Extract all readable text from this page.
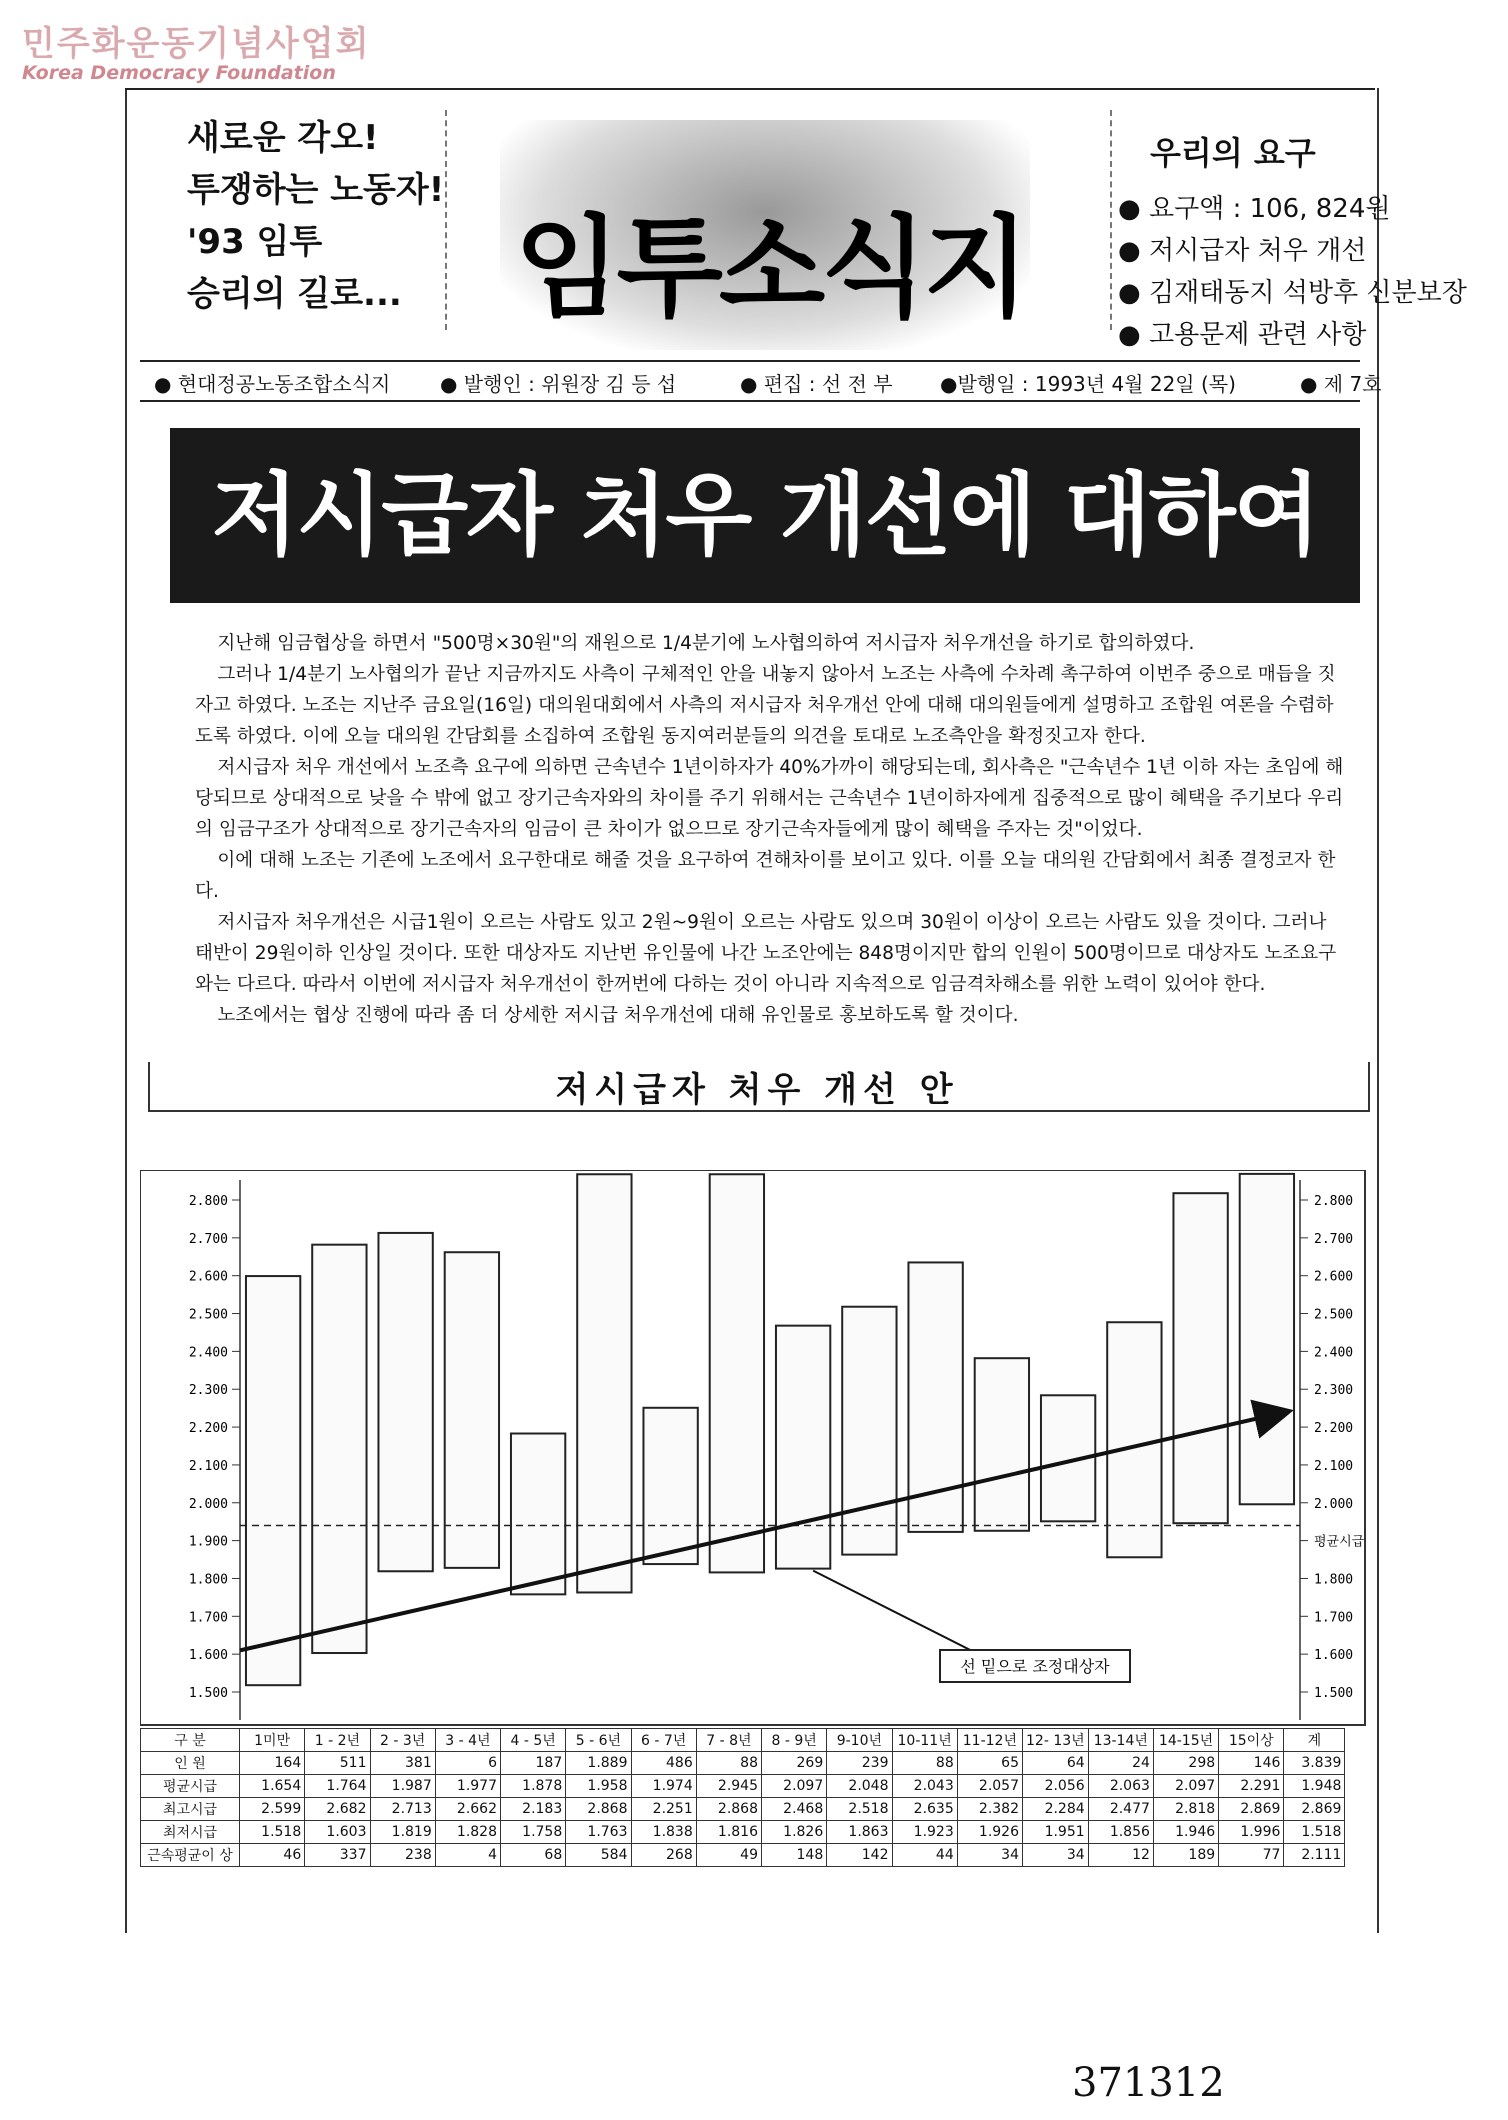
민주화운동기념사업회
Korea Democracy Foundation
새로운 각오!
투쟁하는 노동자!
'93 임투
승리의 길로...	임투소식지
우리의 요구
● 요구액 : 106, 824원
● 저시급자 처우 개선
● 김재태동지 석방후 신분보장
● 고용문제 관련 사항
● 현대정공노동조합소식지 ● 발행인 : 위원장 김 등 섭	● 편집 : 선 전 부 ●발행일 : 1993년 4월 22일 (목)	● 제 7호
저시급자 처우 개선에 대하여

지난해 임금협상을 하면서 "500명×30원"의 재원으로 1/4분기에 노사협의하여 저시급자 처우개선을 하기로 합의하였다.

그러나 1/4분기 노사협의가 끝난 지금까지도 사측이 구체적인 안을 내놓지 않아서 노조는 사측에 수차례 촉구하여 이번주 중으로 매듭을 짓자고 하였다. 노조는 지난주 금요일(16일) 대의원대회에서 사측의 저시급자 처우개선 안에 대해 대의원들에게 설명하고 조합원 여론을 수렴하도록 하였다. 이에 오늘 대의원 간담회를 소집하여 조합원 동지여러분들의 의견을 토대로 노조측안을 확정짓고자 한다.

저시급자 처우 개선에서 노조측 요구에 의하면 근속년수 1년이하자가 40%가까이 해당되는데, 회사측은 "근속년수 1년 이하 자는 초임에 해당되므로 상대적으로 낮을 수 밖에 없고 장기근속자와의 차이를 주기 위해서는 근속년수 1년이하자에게 집중적으로 많이 혜택을 주기보다 우리의 임금구조가 상대적으로 장기근속자의 임금이 큰 차이가 없으므로 장기근속자들에게 많이 혜택을 주자는 것"이었다.

이에 대해 노조는 기존에 노조에서 요구한대로 해줄 것을 요구하여 견해차이를 보이고 있다. 이를 오늘 대의원 간담회에서 최종 결정코자 한다.

저시급자 처우개선은 시급1원이 오르는 사람도 있고 2원~9원이 오르는 사람도 있으며 30원이 이상이 오르는 사람도 있을 것이다. 그러나 태반이 29원이하 인상일 것이다. 또한 대상자도 지난번 유인물에 나간 노조안에는 848명이지만 합의 인원이 500명이므로 대상자도 노조요구와는 다르다. 따라서 이번에 저시급자 처우개선이 한꺼번에 다하는 것이 아니라 지속적으로 임금격차해소를 위한 노력이 있어야 한다.

노조에서는 협상 진행에 따라 좀 더 상세한 저시급 처우개선에 대해 유인물로 홍보하도록 할 것이다.

저시급자 처우 개선 안
2.800	2.800
2.700	2.700
2.600	2.600
2.500	2.500
2.400	2.400
2.300	2.300
2.200	2.200
2.100	2.100
2.000	2.000
1.900	평균시급
1.800	1.800
1.700	1.700
1.600	1.600
1.500	1.500
선 밑으로 조정대상자
구 분	1미만	1 - 2년	2 - 3년	3 - 4년	4 - 5년	5 - 6년	6 - 7년	7 - 8년	8 - 9년	9-10년	10-11년	11-12년	12- 13년	13-14년	14-15년	15이상	계
인 원	164	511	381	6	187	1.889	486	88	269	239	88	65	64	24	298	146	3.839
평균시급	1.654	1.764	1.987	1.977	1.878	1.958	1.974	2.945	2.097	2.048	2.043	2.057	2.056	2.063	2.097	2.291	1.948
최고시급	2.599	2.682	2.713	2.662	2.183	2.868	2.251	2.868	2.468	2.518	2.635	2.382	2.284	2.477	2.818	2.869	2.869
최저시급	1.518	1.603	1.819	1.828	1.758	1.763	1.838	1.816	1.826	1.863	1.923	1.926	1.951	1.856	1.946	1.996	1.518
근속평균이 상	46	337	238	4	68	584	268	49	148	142	44	34	34	12	189	77	2.111
371312
